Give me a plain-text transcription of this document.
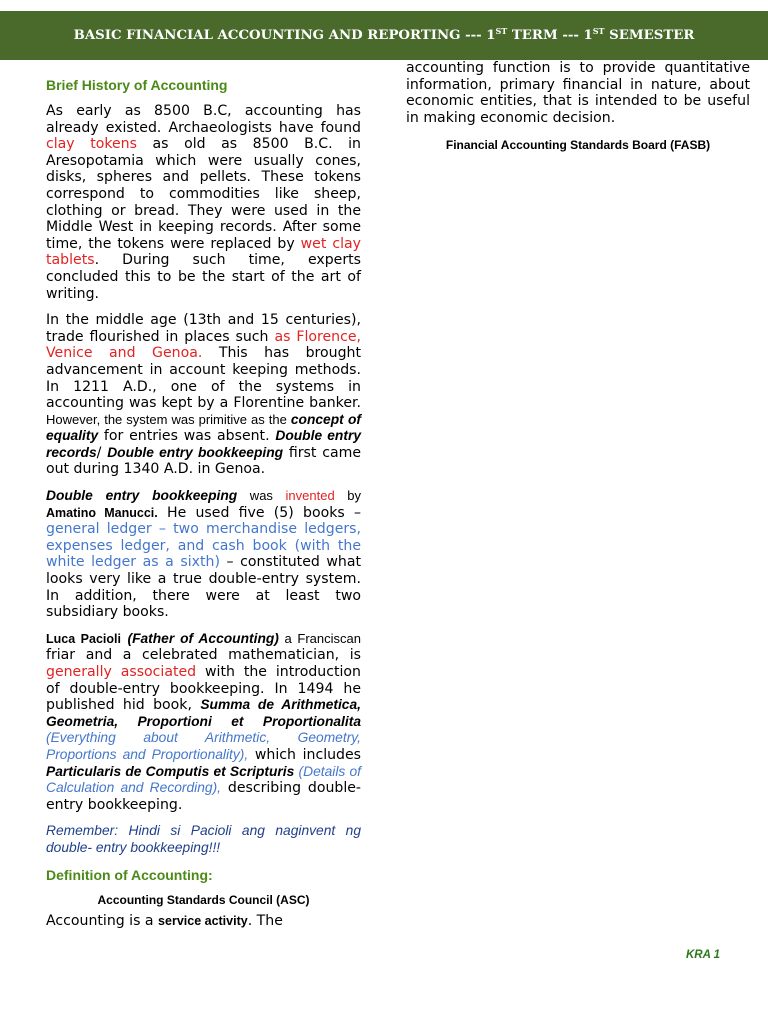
BASIC FINANCIAL ACCOUNTING AND REPORTING --- 1ST TERM --- 1ST SEMESTER
Brief History of Accounting

As early as 8500 B.C, accounting has already existed. Archaeologists have found clay tokens as old as 8500 B.C. in Aresopotamia which were usually cones, disks, spheres and pellets. These tokens correspond to commodities like sheep, clothing or bread. They were used in the Middle West in keeping records. After some time, the tokens were replaced by wet clay tablets. During such time, experts concluded this to be the start of the art of writing.

In the middle age (13th and 15 centuries), trade flourished in places such as Florence, Venice and Genoa. This has brought advancement in account keeping methods. In 1211 A.D., one of the systems in accounting was kept by a Florentine banker. However, the system was primitive as the concept of equality for entries was absent. Double entry records/ Double entry bookkeeping first came out during 1340 A.D. in Genoa.

Double entry bookkeeping was invented by Amatino Manucci. He used five (5) books – general ledger – two merchandise ledgers, expenses ledger, and cash book (with the white ledger as a sixth) – constituted what looks very like a true double-entry system. In addition, there were at least two subsidiary books.

Luca Pacioli (Father of Accounting) a Franciscan friar and a celebrated mathematician, is generally associated with the introduction of double-entry bookkeeping. In 1494 he published hid book, Summa de Arithmetica, Geometria, Proportioni et Proportionalita (Everything about Arithmetic, Geometry, Proportions and Proportionality), which includes Particularis de Computis et Scripturis (Details of Calculation and Recording), describing double-entry bookkeeping.

Remember: Hindi si Pacioli ang naginvent ng double- entry bookkeeping!!!

Definition of Accounting:
Accounting Standards Council (ASC)

Accounting is a service activity. The

accounting function is to provide quantitative information, primary financial in nature, about economic entities, that is intended to be useful in making economic decision.

Financial Accounting Standards Board (FASB)
KRA 1
